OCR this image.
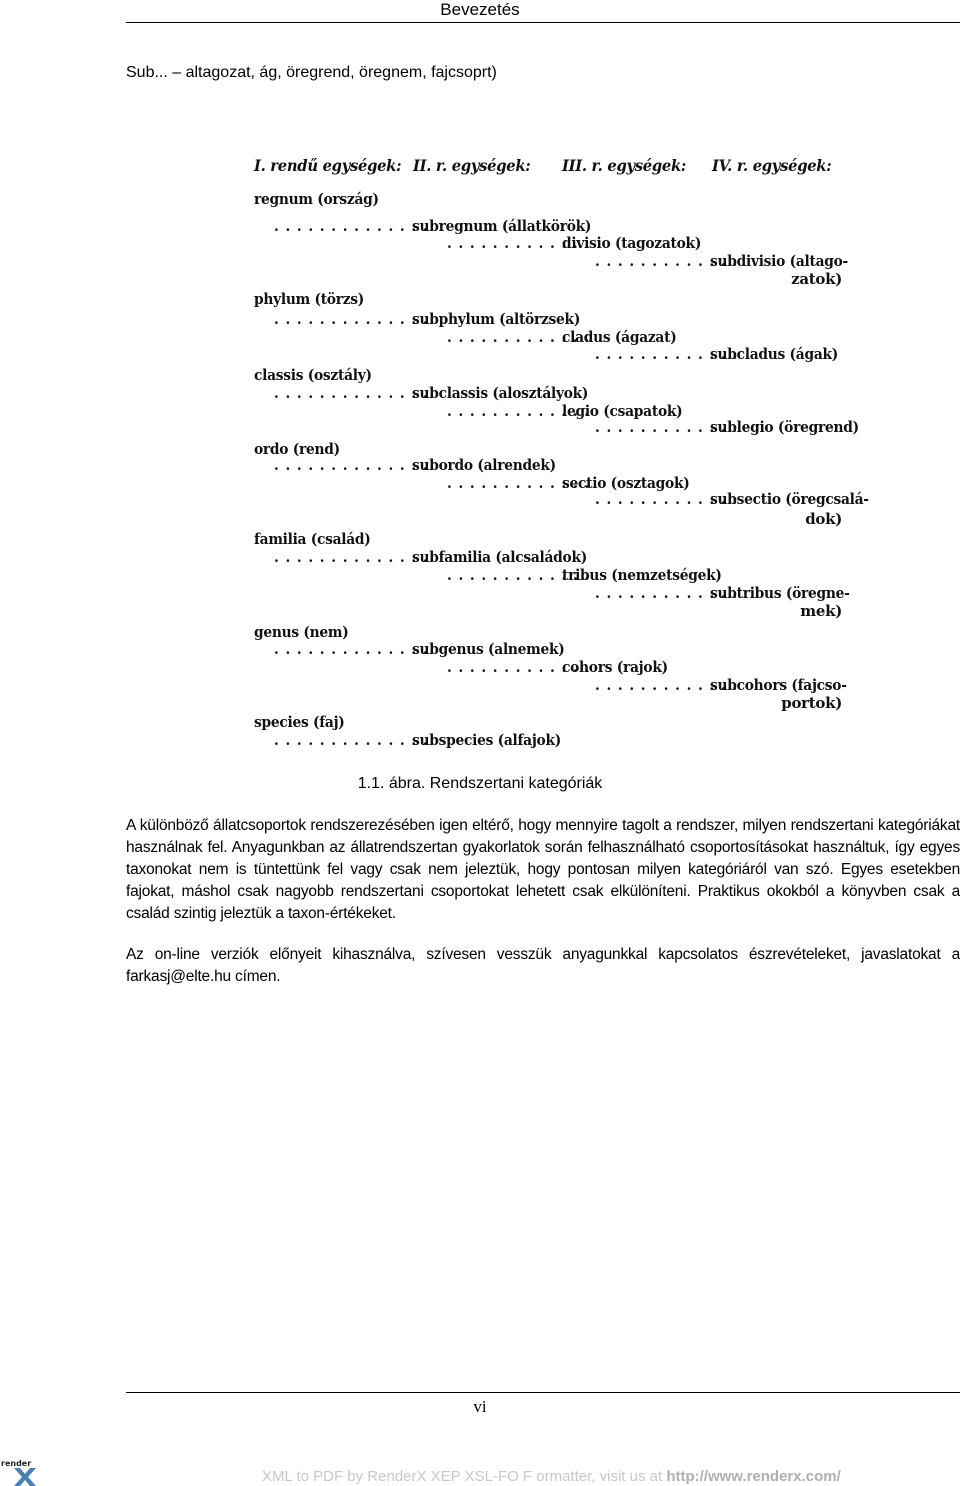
Bevezetés
Sub... – altagozat, ág, öregrend, öregnem, fajcsoprt)
I. rendű egységek: II. r. egységek: III. r. egységek: IV. r. egységek:
regnum (ország)
. . . . . . . . . . . . . .
subregnum (állatkörök)
. . . . . . . . . . . . .
divisio (tagozatok)
. . . . . . . . . . . . .
subdivisio (altago-
zatok)
phylum (törzs)
. . . . . . . . . . . . . .
subphylum (altörzsek)
. . . . . . . . . . . . .
cladus (ágazat)
. . . . . . . . . . . . .
subcladus (ágak)
classis (osztály)
. . . . . . . . . . . . . .
subclassis (alosztályok)
. . . . . . . . . . . . .
legio (csapatok)
. . . . . . . . . . . . .
sublegio (öregrend)
ordo (rend)
. . . . . . . . . . . . . .
subordo (alrendek)
. . . . . . . . . . . . .
sectio (osztagok)
. . . . . . . . . . . . .
subsectio (öregcsalá-
dok)
familia (család)
. . . . . . . . . . . . . .
subfamilia (alcsaládok)
. . . . . . . . . . . . .
tribus (nemzetségek)
. . . . . . . . . . . . .
subtribus (öregne-
mek)
genus (nem)
. . . . . . . . . . . . . .
subgenus (alnemek)
. . . . . . . . . . . . .
cohors (rajok)
. . . . . . . . . . . . .
subcohors (fajcso-
portok)
species (faj)
. . . . . . . . . . . . . .
subspecies (alfajok)
1.1. ábra. Rendszertani kategóriák

A különböző állatcsoportok rendszerezésében igen eltérő, hogy mennyire tagolt a rendszer, milyen rendszertani kategóriákat használnak fel. Anyagunkban az állatrendszertan gyakorlatok során felhasználható csoportosításokat használtuk, így egyes taxonokat nem is tüntettünk fel vagy csak nem jeleztük, hogy pontosan milyen kategóriáról van szó. Egyes esetekben fajokat, máshol csak nagyobb rendszertani csoportokat lehetett csak elkülöníteni. Praktikus okokból a könyvben csak a család szintig jeleztük a taxon-értékeket.

Az on-line verziók előnyeit kihasználva, szívesen vesszük anyagunkkal kapcsolatos észrevételeket, javaslatokat a farkasj@elte.hu címen.

vi
render
XML to PDF by RenderX XEP XSL-FO F ormatter, visit us at http://www.renderx.com/
